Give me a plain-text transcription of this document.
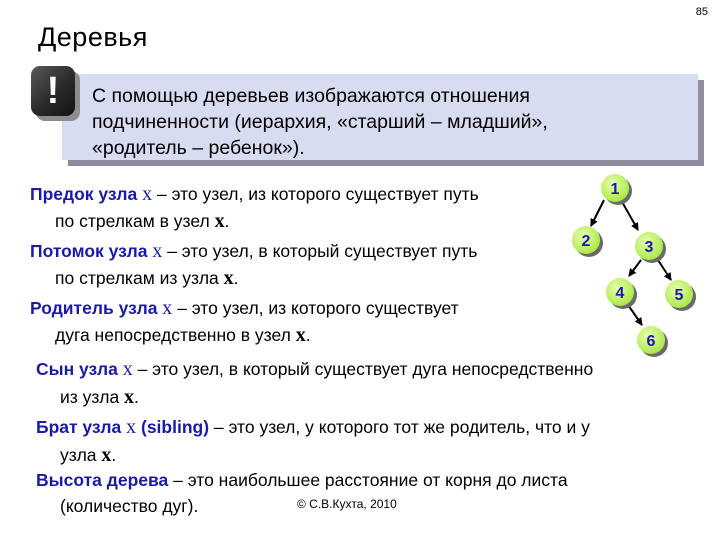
85
Деревья
!	С помощью деревьев изображаются отношения
подчиненности (иерархия, «старший – младший»,
«родитель – ребенок»).
Предок узла x – это узел, из которого существует путь
по стрелкам в узел x.
Потомок узла x – это узел, в который существует путь
по стрелкам из узла x.
Родитель узла x – это узел, из которого существует
дуга непосредственно в узел x.
Сын узла x – это узел, в который существует дуга непосредственно
из узла x.
Брат узла x (sibling) – это узел, у которого тот же родитель, что и у
узла x.
Высота дерева – это наибольшее расстояние от корня до листа
(количество дуг).	© С.В.Кухта, 2010
1
2	3
4	5
6
